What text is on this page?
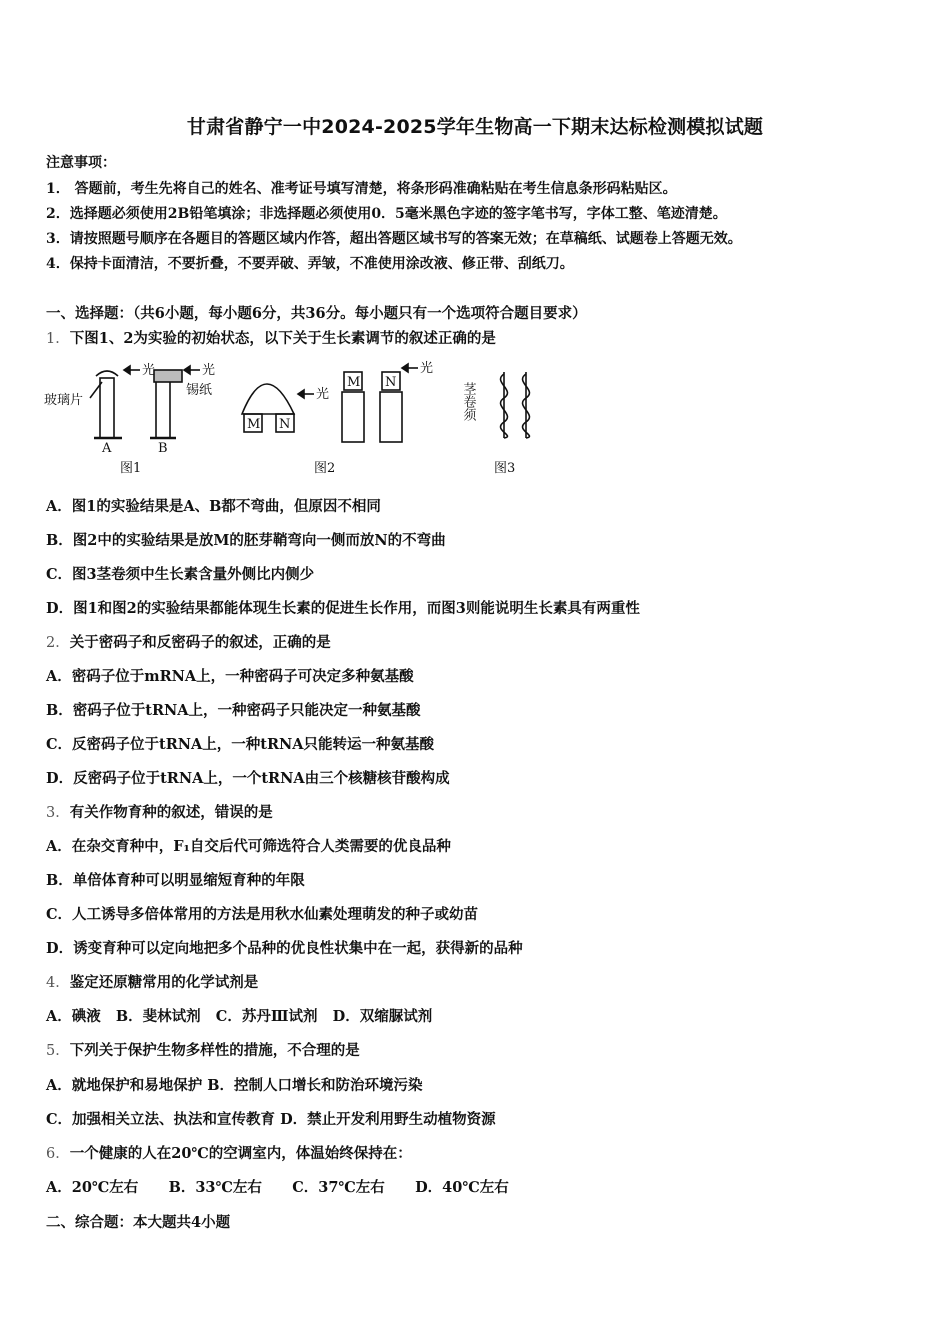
甘肃省静宁一中2024-2025学年生物高一下期末达标检测模拟试题
注意事项：
1． 答题前，考生先将自己的姓名、准考证号填写清楚，将条形码准确粘贴在考生信息条形码粘贴区。
2．选择题必须使用2B铅笔填涂；非选择题必须使用0．5毫米黑色字迹的签字笔书写，字体工整、笔迹清楚。
3．请按照题号顺序在各题目的答题区域内作答，超出答题区域书写的答案无效；在草稿纸、试题卷上答题无效。
4．保持卡面清洁，不要折叠，不要弄破、弄皱，不准使用涂改液、修正带、刮纸刀。
一、选择题：（共6小题，每小题6分，共36分。每小题只有一个选项符合题目要求）
1．下图1、2为实验的初始状态，以下关于生长素调节的叙述正确的是
光
玻璃片
A	B
光
锡纸
M N
光
M N
光
茎卷须
图1	图2	图3
A．图1的实验结果是A、B都不弯曲，但原因不相同
B．图2中的实验结果是放M的胚芽鞘弯向一侧而放N的不弯曲
C．图3茎卷须中生长素含量外侧比内侧少
D．图1和图2的实验结果都能体现生长素的促进生长作用，而图3则能说明生长素具有两重性
2．关于密码子和反密码子的叙述，正确的是
A．密码子位于mRNA上，一种密码子可决定多种氨基酸
B．密码子位于tRNA上，一种密码子只能决定一种氨基酸
C．反密码子位于tRNA上，一种tRNA只能转运一种氨基酸
D．反密码子位于tRNA上，一个tRNA由三个核糖核苷酸构成
3．有关作物育种的叙述，错误的是
A．在杂交育种中，F₁自交后代可筛选符合人类需要的优良品种
B．单倍体育种可以明显缩短育种的年限
C．人工诱导多倍体常用的方法是用秋水仙素处理萌发的种子或幼苗
D．诱变育种可以定向地把多个品种的优良性状集中在一起，获得新的品种
4．鉴定还原糖常用的化学试剂是
A．碘液   B．斐林试剂   C．苏丹Ⅲ试剂   D．双缩脲试剂
5．下列关于保护生物多样性的措施，不合理的是
A．就地保护和易地保护 B．控制人口增长和防治环境污染
C．加强相关立法、执法和宣传教育 D．禁止开发利用野生动植物资源
6．一个健康的人在20℃的空调室内，体温始终保持在：
A．20℃左右      B．33℃左右      C．37℃左右      D．40℃左右
二、综合题：本大题共4小题
